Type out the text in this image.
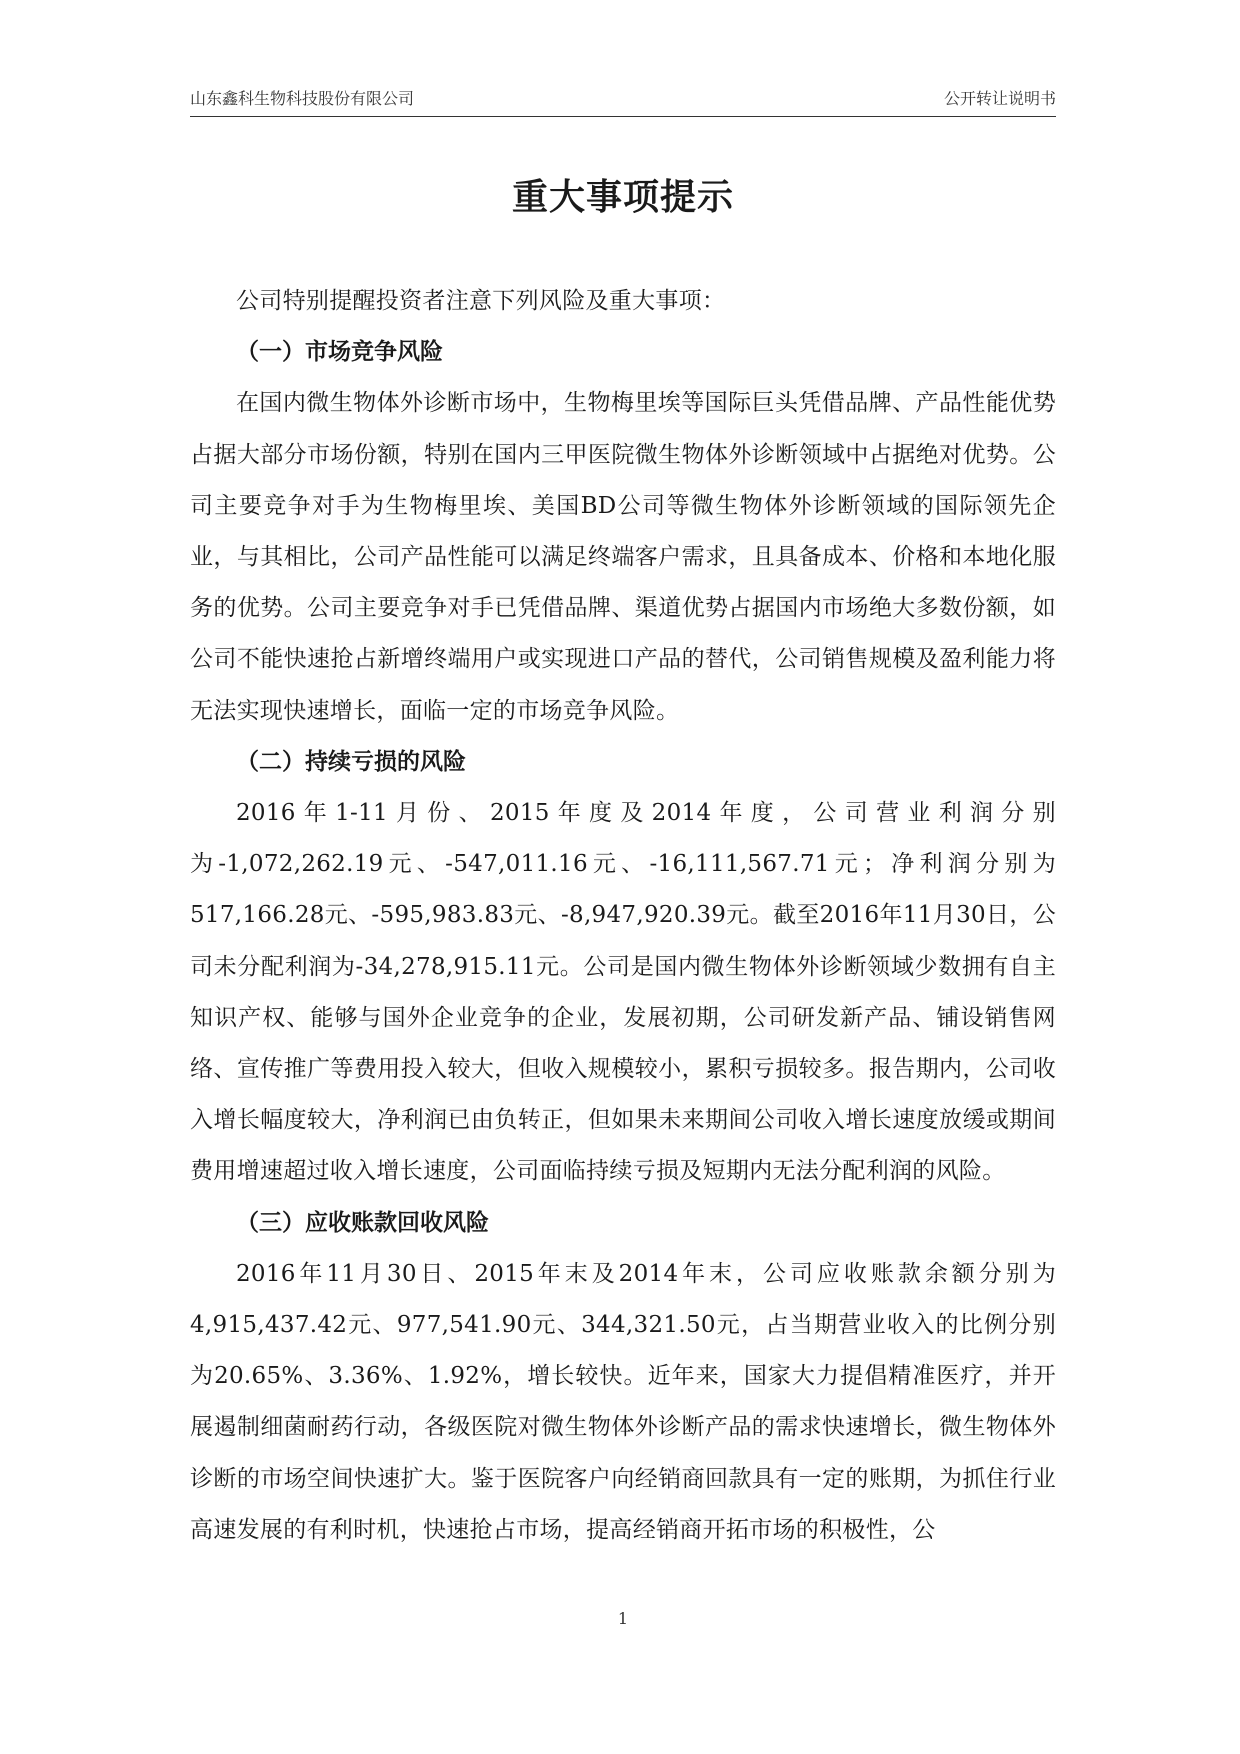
山东鑫科生物科技股份有限公司	公开转让说明书
重大事项提示

公司特别提醒投资者注意下列风险及重大事项：

（一）市场竞争风险

在国内微生物体外诊断市场中，生物梅里埃等国际巨头凭借品牌、产品性能优势占据大部分市场份额，特别在国内三甲医院微生物体外诊断领域中占据绝对优势。公司主要竞争对手为生物梅里埃、美国BD公司等微生物体外诊断领域的国际领先企业，与其相比，公司产品性能可以满足终端客户需求，且具备成本、价格和本地化服务的优势。公司主要竞争对手已凭借品牌、渠道优势占据国内市场绝大多数份额，如公司不能快速抢占新增终端用户或实现进口产品的替代，公司销售规模及盈利能力将无法实现快速增长，面临一定的市场竞争风险。

（二）持续亏损的风险

2016年1-11月份、2015年度及2014年度，公司营业利润分别为-1,072,262.19元、-547,011.16元、-16,111,567.71元；净利润分别为517,166.28元、-595,983.83元、-8,947,920.39元。截至2016年11月30日，公司未分配利润为-34,278,915.11元。公司是国内微生物体外诊断领域少数拥有自主知识产权、能够与国外企业竞争的企业，发展初期，公司研发新产品、铺设销售网络、宣传推广等费用投入较大，但收入规模较小，累积亏损较多。报告期内，公司收入增长幅度较大，净利润已由负转正，但如果未来期间公司收入增长速度放缓或期间费用增速超过收入增长速度，公司面临持续亏损及短期内无法分配利润的风险。

（三）应收账款回收风险

2016年11月30日、2015年末及2014年末，公司应收账款余额分别为4,915,437.42元、977,541.90元、344,321.50元，占当期营业收入的比例分别为20.65%、3.36%、1.92%，增长较快。近年来，国家大力提倡精准医疗，并开展遏制细菌耐药行动，各级医院对微生物体外诊断产品的需求快速增长，微生物体外诊断的市场空间快速扩大。鉴于医院客户向经销商回款具有一定的账期，为抓住行业高速发展的有利时机，快速抢占市场，提高经销商开拓市场的积极性，公

1
